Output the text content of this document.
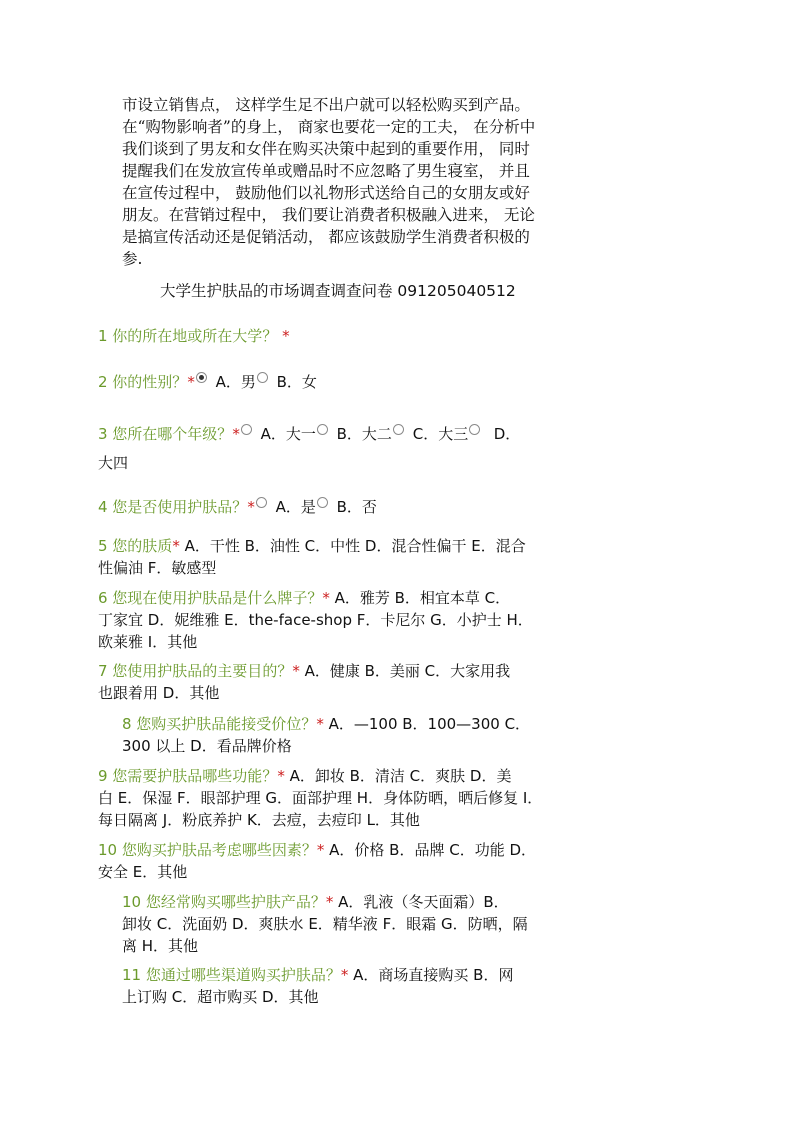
市设立销售点， 这样学生足不出户就可以轻松购买到产品。
在“购物影响者”的身上， 商家也要花一定的工夫， 在分析中
我们谈到了男友和女伴在购买决策中起到的重要作用， 同时
提醒我们在发放宣传单或赠品时不应忽略了男生寝室， 并且
在宣传过程中， 鼓励他们以礼物形式送给自己的女朋友或好
朋友。在营销过程中， 我们要让消费者积极融入进来， 无论
是搞宣传活动还是促销活动， 都应该鼓励学生消费者积极的
参.
大学生护肤品的市场调查调查问卷 091205040512
1 你的所在地或所在大学？ *
2 你的性别？* A．男 B．女
3 您所在哪个年级？* A．大一 B．大二 C．大三 D．
大四
4 您是否使用护肤品？* A．是 B．否
5 您的肤质* A．干性 B．油性 C．中性 D．混合性偏干 E．混合
性偏油 F．敏感型
6 您现在使用护肤品是什么牌子？* A．雅芳 B．相宜本草 C．
丁家宜 D．妮维雅 E．the-face-shop F．卡尼尔 G．小护士 H．
欧莱雅 I．其他
7 您使用护肤品的主要目的？* A．健康 B．美丽 C．大家用我
也跟着用 D．其他
8 您购买护肤品能接受价位？* A．—100 B．100—300 C．
300 以上 D．看品牌价格
9 您需要护肤品哪些功能？* A．卸妆 B．清洁 C．爽肤 D．美
白 E．保湿 F．眼部护理 G．面部护理 H．身体防晒，晒后修复 I．
每日隔离 J．粉底养护 K．去痘，去痘印 L．其他
10 您购买护肤品考虑哪些因素？* A．价格 B．品牌 C．功能 D．
安全 E．其他
10 您经常购买哪些护肤产品？* A．乳液（冬天面霜）B．
卸妆 C．洗面奶 D．爽肤水 E．精华液 F．眼霜 G．防晒，隔
离 H．其他
11 您通过哪些渠道购买护肤品？* A．商场直接购买 B．网
上订购 C．超市购买 D．其他
